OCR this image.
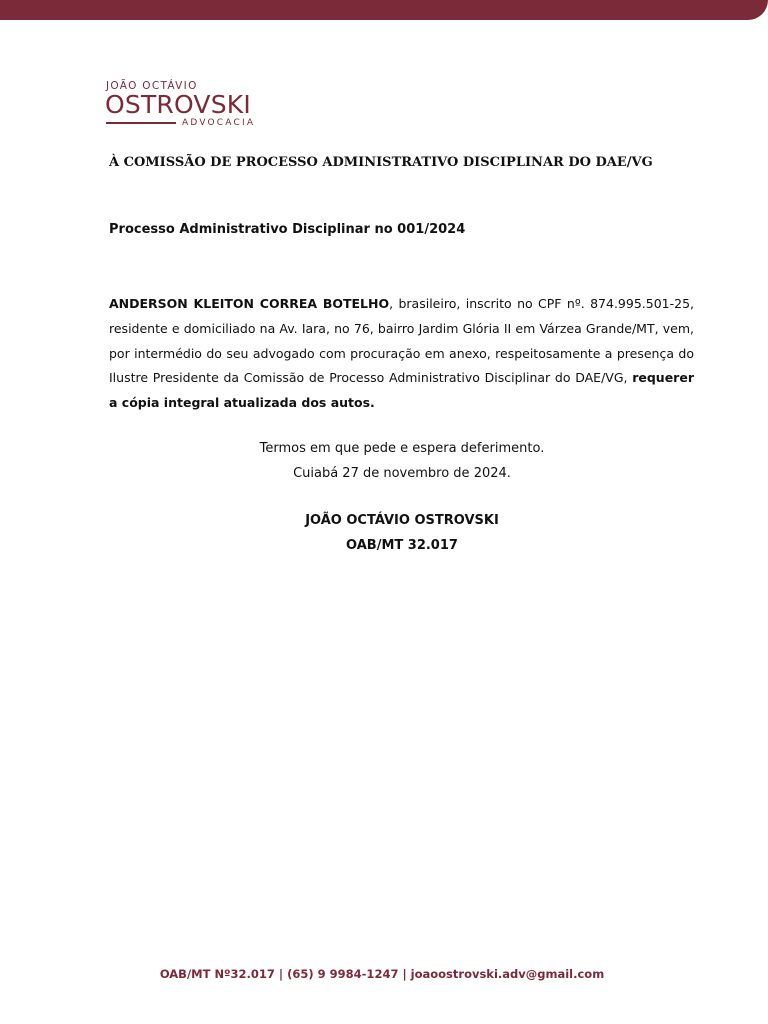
JOÃO OCTÁVIO
OSTROVSKI
ADVOCACIA
À COMISSÃO DE PROCESSO ADMINISTRATIVO DISCIPLINAR DO DAE/VG
Processo Administrativo Disciplinar no 001/2024
ANDERSON KLEITON CORREA BOTELHO, brasileiro, inscrito no CPF nº. 874.995.501-25, residente e domiciliado na Av. Iara, no 76, bairro Jardim Glória II em Várzea Grande/MT, vem, por intermédio do seu advogado com procuração em anexo, respeitosamente a presença do Ilustre Presidente da Comissão de Processo Administrativo Disciplinar do DAE/VG, requerer a cópia integral atualizada dos autos.
Termos em que pede e espera deferimento.
Cuiabá 27 de novembro de 2024.
JOÃO OCTÁVIO OSTROVSKI
OAB/MT 32.017
OAB/MT Nº32.017 | (65) 9 9984-1247 | joaoostrovski.adv@gmail.com
